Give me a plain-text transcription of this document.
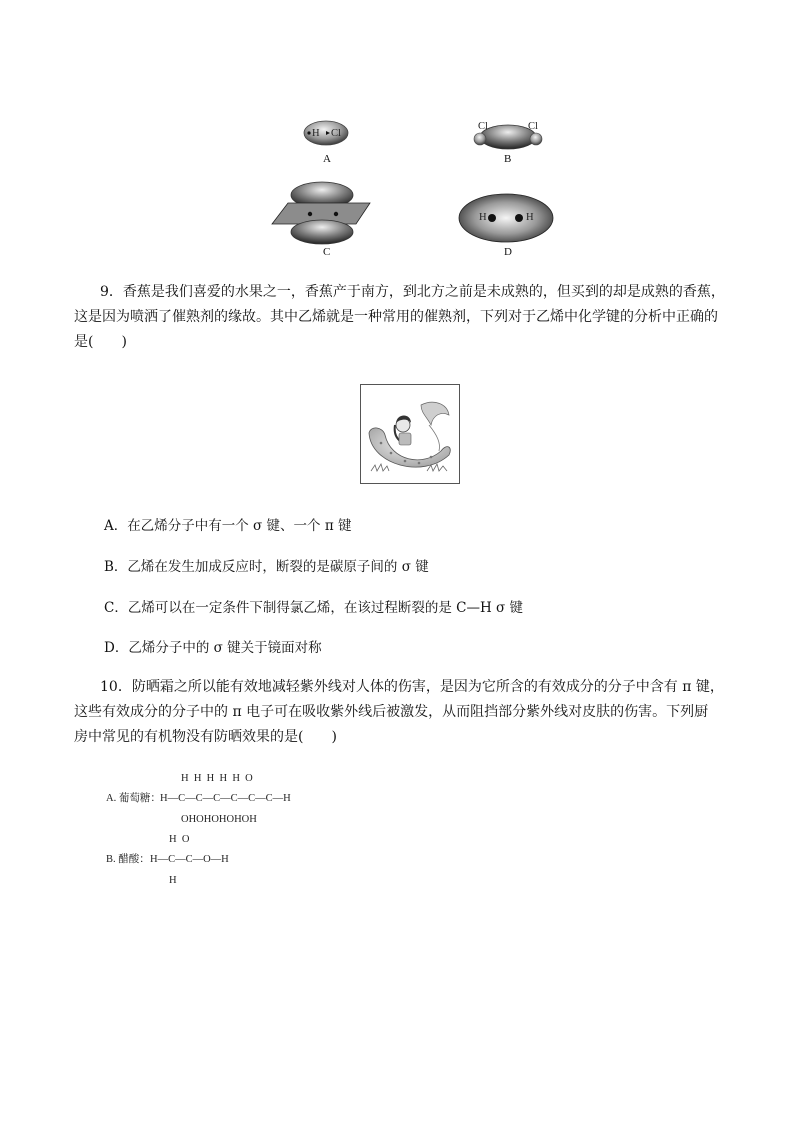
H Cl
Cl	Cl
H	H
A	B
C	D
9．香蕉是我们喜爱的水果之一，香蕉产于南方，到北方之前是未成熟的，但买到的却是成熟的香蕉，
这是因为喷洒了催熟剂的缘故。其中乙烯就是一种常用的催熟剂，下列对于乙烯中化学键的分析中正确的
是(　　)
A．在乙烯分子中有一个 σ 键、一个 π 键
B．乙烯在发生加成反应时，断裂的是碳原子间的 σ 键
C．乙烯可以在一定条件下制得氯乙烯，在该过程断裂的是 C—H σ 键
D．乙烯分子中的 σ 键关于镜面对称
10．防晒霜之所以能有效地减轻紫外线对人体的伤害，是因为它所含的有效成分的分子中含有 π 键，
这些有效成分的分子中的 π 电子可在吸收紫外线后被激发，从而阻挡部分紫外线对皮肤的伤害。下列厨
房中常见的有机物没有防晒效果的是(　　)
H  H  H  H  H  O
A. 葡萄糖： H—C—C—C—C—C—C—H
OHOHOHOHOH
H  O
B. 醋酸： H—C—C—O—H
H
